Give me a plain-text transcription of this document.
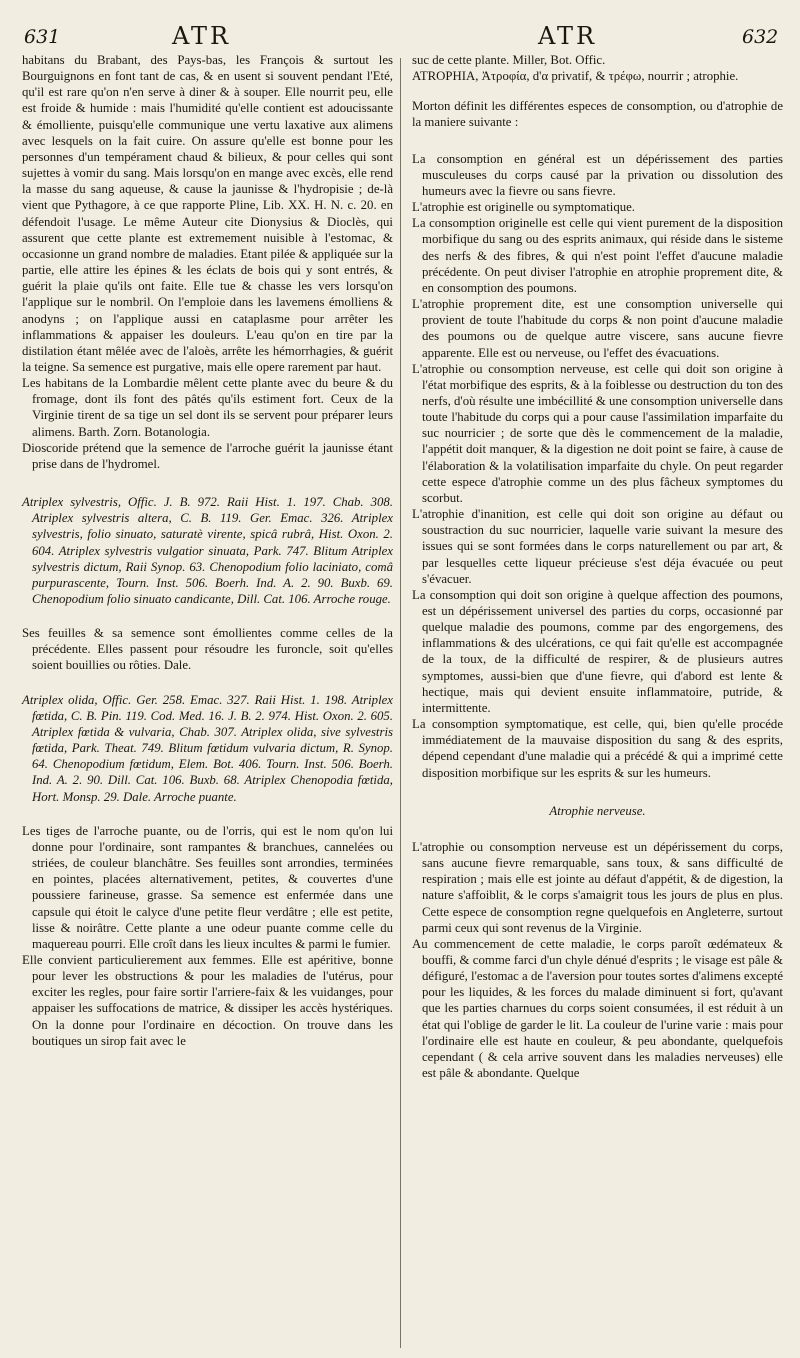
631	ATR	ATR	632

habitans du Brabant, des Pays-bas, les François & surtout les Bourguignons en font tant de cas, & en usent si souvent pendant l'Eté, qu'il est rare qu'on n'en serve à diner & à souper. Elle nourrit peu, elle est froide & humide : mais l'humidité qu'elle contient est adoucissante & émolliente, puisqu'elle communique une vertu laxative aux alimens avec lesquels on la fait cuire. On assure qu'elle est bonne pour les personnes d'un tempérament chaud & bilieux, & pour celles qui sont sujettes à vomir du sang. Mais lorsqu'on en mange avec excès, elle rend la masse du sang aqueuse, & cause la jaunisse & l'hydropisie ; de-là vient que Pythagore, à ce que rapporte Pline, Lib. XX. H. N. c. 20. en défendoit l'usage. Le même Auteur cite Dionysius & Dioclès, qui assurent que cette plante est extremement nuisible à l'estomac, & occasionne un grand nombre de maladies. Etant pilée & appliquée sur la partie, elle attire les épines & les éclats de bois qui y sont entrés, & guérit la plaie qu'ils ont faite. Elle tue & chasse les vers lorsqu'on l'applique sur le nombril. On l'emploie dans les lavemens émolliens & anodyns ; on l'applique aussi en cataplasme pour arrêter les inflammations & appaiser les douleurs. L'eau qu'on en tire par la distilation étant mêlée avec de l'aloès, arrête les hémorrhagies, & guérit la teigne. Sa semence est purgative, mais elle opere rarement par haut.

Les habitans de la Lombardie mêlent cette plante avec du beure & du fromage, dont ils font des pâtés qu'ils estiment fort. Ceux de la Virginie tirent de sa tige un sel dont ils se servent pour préparer leurs alimens. Barth. Zorn. Botanologia.

Dioscoride prétend que la semence de l'arroche guérit la jaunisse étant prise dans de l'hydromel.

Atriplex sylvestris, Offic. J. B. 972. Raii Hist. 1. 197. Chab. 308. Atriplex sylvestris altera, C. B. 119. Ger. Emac. 326. Atriplex sylvestris, folio sinuato, saturatè virente, spicâ rubrâ, Hist. Oxon. 2. 604. Atriplex sylvestris vulgatior sinuata, Park. 747. Blitum Atriplex sylvestris dictum, Raii Synop. 63. Chenopodium folio laciniato, comâ purpurascente, Tourn. Inst. 506. Boerh. Ind. A. 2. 90. Buxb. 69. Chenopodium folio sinuato candicante, Dill. Cat. 106. Arroche rouge.

Ses feuilles & sa semence sont émollientes comme celles de la précédente. Elles passent pour résoudre les furoncle, soit qu'elles soient bouillies ou rôties. Dale.

Atriplex olida, Offic. Ger. 258. Emac. 327. Raii Hist. 1. 198. Atriplex fœtida, C. B. Pin. 119. Cod. Med. 16. J. B. 2. 974. Hist. Oxon. 2. 605. Atriplex fœtida & vulvaria, Chab. 307. Atriplex olida, sive sylvestris fœtida, Park. Theat. 749. Blitum fœtidum vulvaria dictum, R. Synop. 64. Chenopodium fœtidum, Elem. Bot. 406. Tourn. Inst. 506. Boerh. Ind. A. 2. 90. Dill. Cat. 106. Buxb. 68. Atriplex Chenopodia fœtida, Hort. Monsp. 29. Dale. Arroche puante.

Les tiges de l'arroche puante, ou de l'orris, qui est le nom qu'on lui donne pour l'ordinaire, sont rampantes & branchues, cannelées ou striées, de couleur blanchâtre. Ses feuilles sont arrondies, terminées en pointes, placées alternativement, petites, & couvertes d'une poussiere farineuse, grasse. Sa semence est enfermée dans une capsule qui étoit le calyce d'une petite fleur verdâtre ; elle est petite, lisse & noirâtre. Cette plante a une odeur puante comme celle du maquereau pourri. Elle croît dans les lieux incultes & parmi le fumier.

Elle convient particulierement aux femmes. Elle est apéritive, bonne pour lever les obstructions & pour les maladies de l'utérus, pour exciter les regles, pour faire sortir l'arriere-faix & les vuidanges, pour appaiser les suffocations de matrice, & dissiper les accès hystériques. On la donne pour l'ordinaire en décoction. On trouve dans les boutiques un sirop fait avec le

suc de cette plante. Miller, Bot. Offic.

ATROPHIA, Ἀτροφία, d'α privatif, & τρέφω, nourrir ; atrophie.

Morton définit les différentes especes de consomption, ou d'atrophie de la maniere suivante :

La consomption en général est un dépérissement des parties musculeuses du corps causé par la privation ou dissolution des humeurs avec la fievre ou sans fievre.

L'atrophie est originelle ou symptomatique.

La consomption originelle est celle qui vient purement de la disposition morbifique du sang ou des esprits animaux, qui réside dans le sisteme des nerfs & des fibres, & qui n'est point l'effet d'aucune maladie précédente. On peut diviser l'atrophie en atrophie proprement dite, & en consomption des poumons.

L'atrophie proprement dite, est une consomption universelle qui provient de toute l'habitude du corps & non point d'aucune maladie des poumons ou de quelque autre viscere, sans aucune fievre apparente. Elle est ou nerveuse, ou l'effet des évacuations.

L'atrophie ou consomption nerveuse, est celle qui doit son origine à l'état morbifique des esprits, & à la foiblesse ou destruction du ton des nerfs, d'où résulte une imbécillité & une consomption universelle dans toute l'habitude du corps qui a pour cause l'assimilation imparfaite du suc nourricier ; de sorte que dès le commencement de la maladie, l'appétit doit manquer, & la digestion ne doit point se faire, à cause de l'élaboration & la volatilisation imparfaite du chyle. On peut regarder cette espece d'atrophie comme un des plus fâcheux symptomes du scorbut.

L'atrophie d'inanition, est celle qui doit son origine au défaut ou soustraction du suc nourricier, laquelle varie suivant la mesure des issues qui se sont formées dans le corps naturellement ou par art, & par lesquelles cette liqueur précieuse s'est déja évacuée ou peut s'évacuer.

La consomption qui doit son origine à quelque affection des poumons, est un dépérissement universel des parties du corps, occasionné par quelque maladie des poumons, comme par des engorgemens, des inflammations & des ulcérations, ce qui fait qu'elle est accompagnée de la toux, de la difficulté de respirer, & de plusieurs autres symptomes, aussi-bien que d'une fievre, qui d'abord est lente & hectique, mais qui devient ensuite inflammatoire, putride, & intermittente.

La consomption symptomatique, est celle, qui, bien qu'elle procéde immédiatement de la mauvaise disposition du sang & des esprits, dépend cependant d'une maladie qui a précédé & qui a imprimé cette disposition morbifique sur les esprits & sur les humeurs.

Atrophie nerveuse.

L'atrophie ou consomption nerveuse est un dépérissement du corps, sans aucune fievre remarquable, sans toux, & sans difficulté de respiration ; mais elle est jointe au défaut d'appétit, & de digestion, la nature s'affoiblit, & le corps s'amaigrit tous les jours de plus en plus. Cette espece de consomption regne quelquefois en Angleterre, surtout parmi ceux qui sont revenus de la Virginie.

Au commencement de cette maladie, le corps paroît œdémateux & bouffi, & comme farci d'un chyle dénué d'esprits ; le visage est pâle & défiguré, l'estomac a de l'aversion pour toutes sortes d'alimens excepté pour les liquides, & les forces du malade diminuent si fort, qu'avant que les parties charnues du corps soient consumées, il est réduit à un état qui l'oblige de garder le lit. La couleur de l'urine varie : mais pour l'ordinaire elle est haute en couleur, & peu abondante, quelquefois cependant ( & cela arrive souvent dans les maladies nerveuses) elle est pâle & abondante. Quelque
